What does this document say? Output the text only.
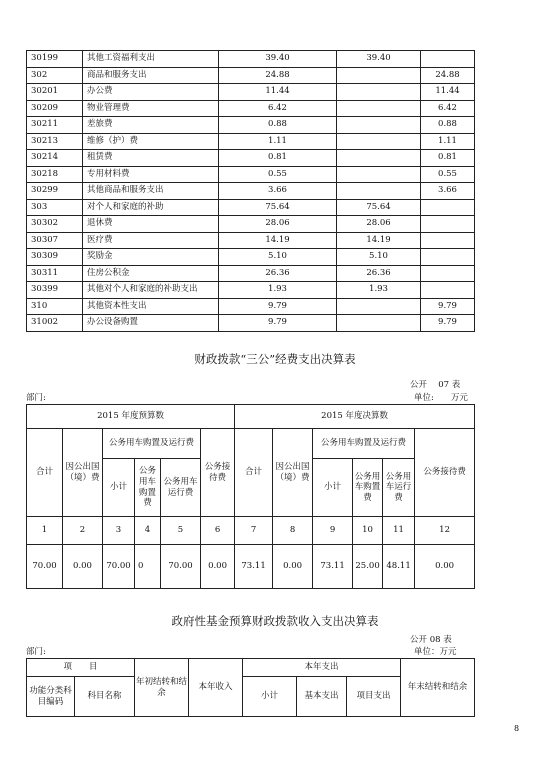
30199	其他工资福利支出	39.40	39.40	
302	商品和服务支出	24.88		24.88
30201	办公费	11.44		11.44
30209	物业管理费	6.42		6.42
30211	差旅费	0.88		0.88
30213	维修（护）费	1.11		1.11
30214	租赁费	0.81		0.81
30218	专用材料费	0.55		0.55
30299	其他商品和服务支出	3.66		3.66
303	对个人和家庭的补助	75.64	75.64	
30302	退休费	28.06	28.06	
30307	医疗费	14.19	14.19	
30309	奖励金	5.10	5.10	
30311	住房公积金	26.36	26.36	
30399	其他对个人和家庭的补助支出	1.93	1.93	
310	其他资本性支出	9.79		9.79
31002	办公设备购置	9.79		9.79
财政拨款“三公”经费支出决算表
公开　 07 表
部门:	单位:　　万元
2015 年度预算数						2015 年度决算数					
合计	因公出国（境）费	公务用车购置及运行费			公务接待费	合计	因公出国（境）费	公务用车购置及运行费			公务接待费
		小计	公务用车购置费	公务用车运行费				小计	公务用车购置费	公务用车运行费	
1	2	3	4	5	6	7	8	9	10	11	12
70.00	0.00	70.00	0	70.00	0.00	73.11	0.00	73.11	25.00	48.11	0.00
政府性基金预算财政拨款收入支出决算表
公开 08 表
部门:	单位：万元
项　　目		年初结转和结余	本年收入	本年支出			年末结转和结余
功能分类科目编码	科目名称			小计	基本支出	项目支出	
8
